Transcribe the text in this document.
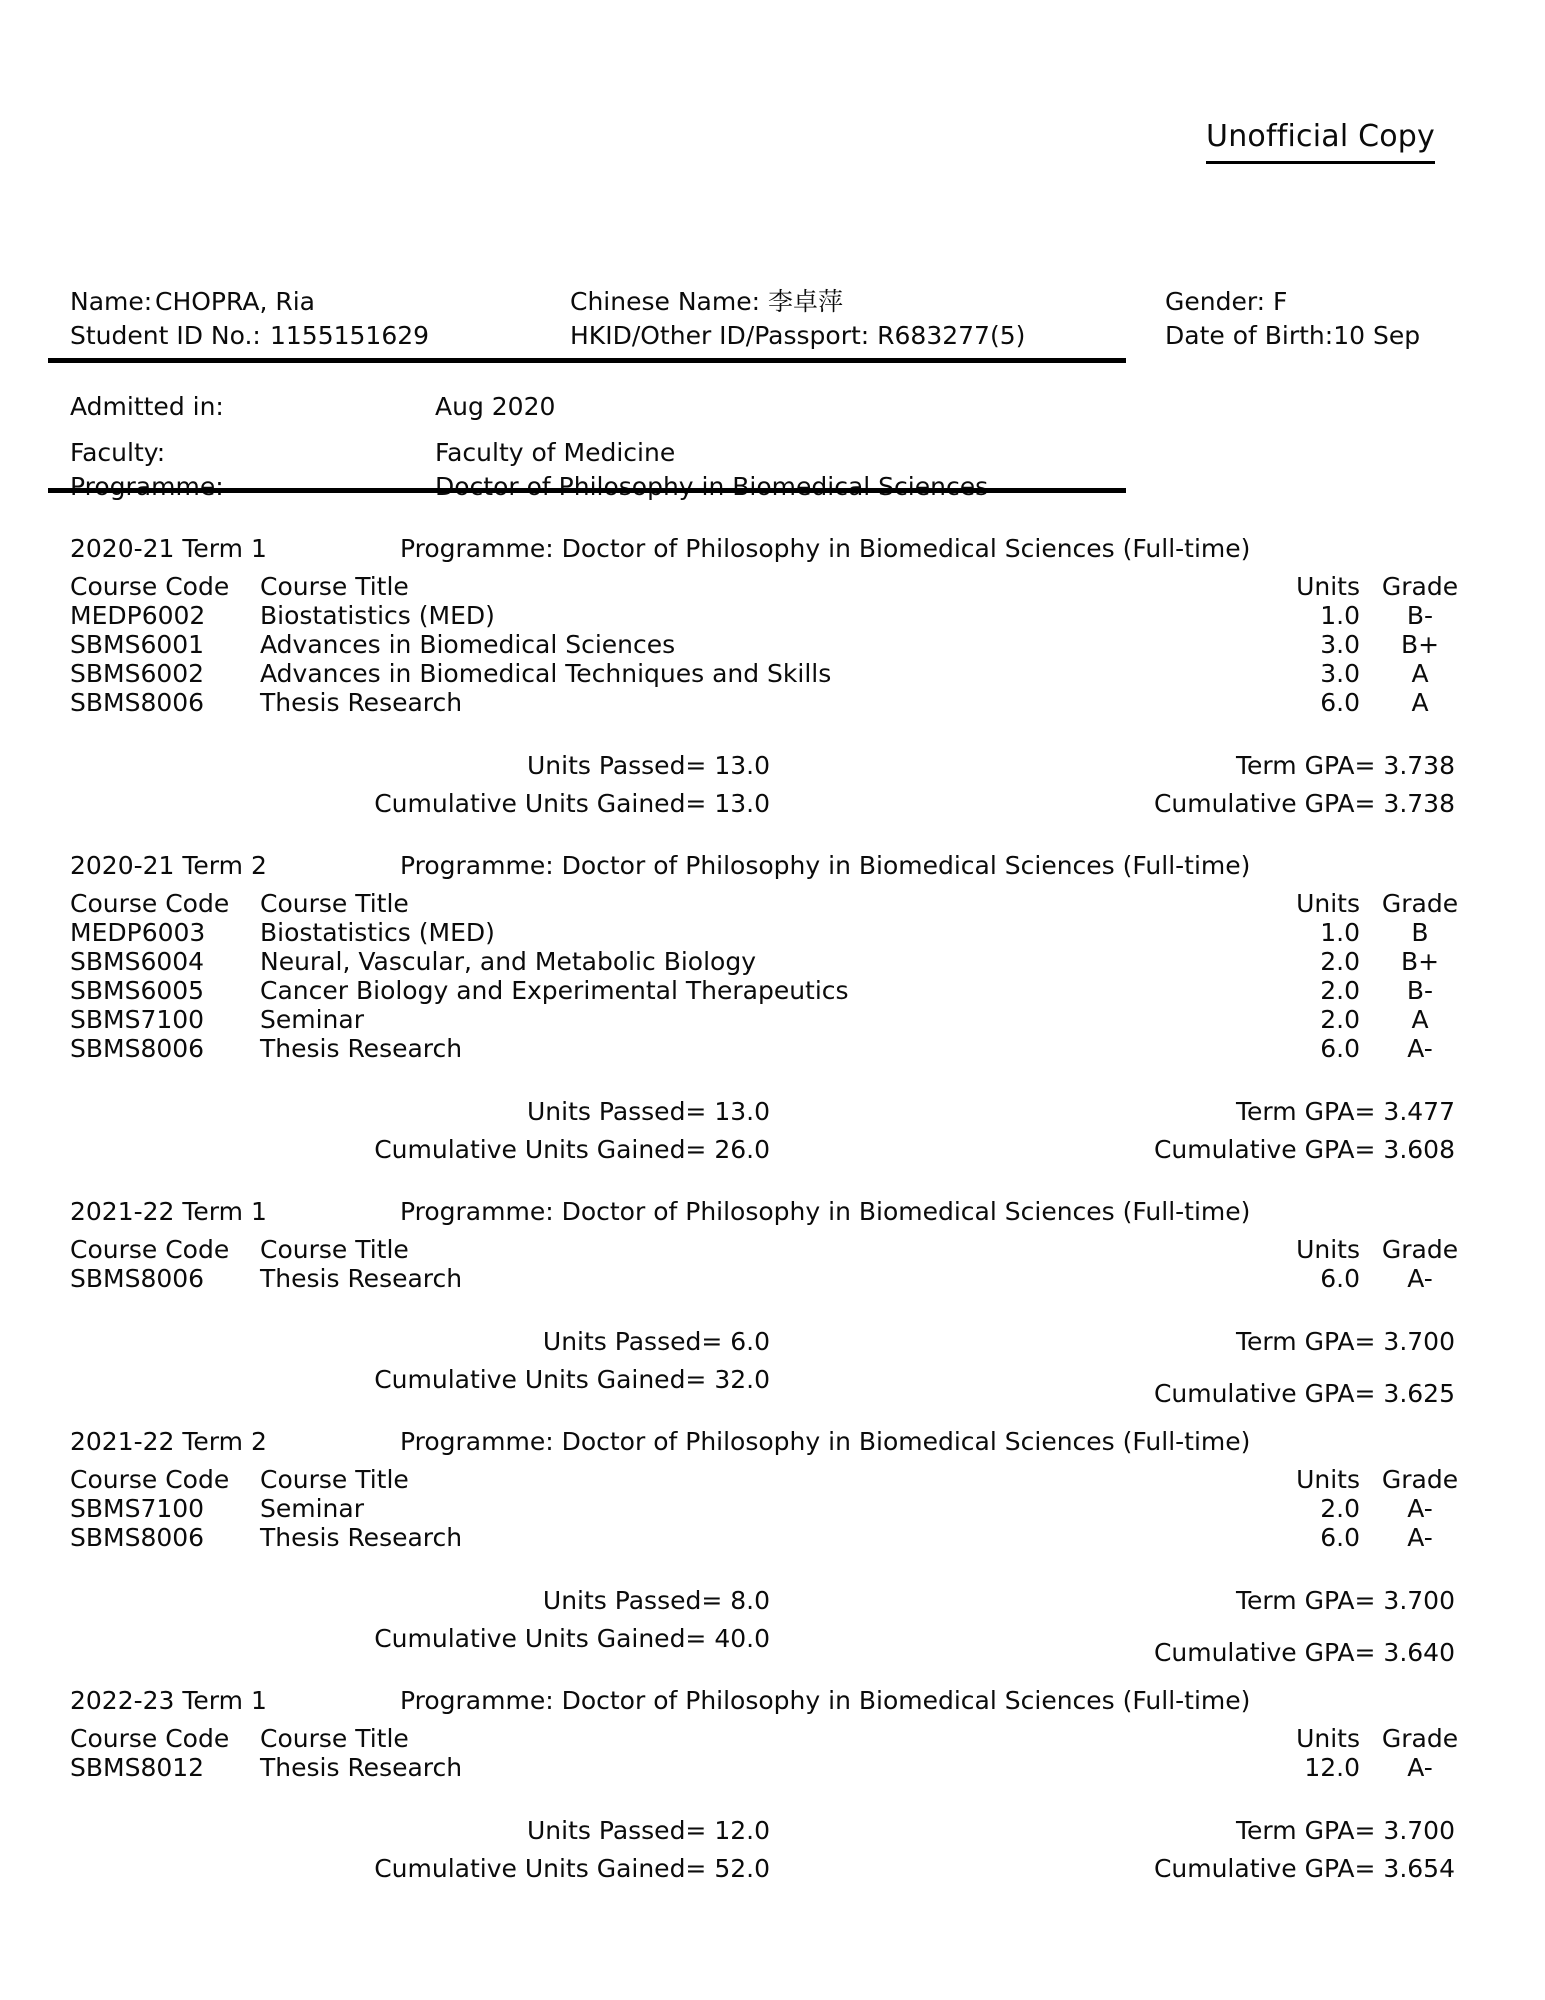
Unofficial Copy
Name: CHOPRA, Ria	Chinese Name: 李卓萍	Gender: F
Student ID No.: 1155151629	HKID/Other ID/Passport: R683277(5)	Date of Birth:10 Sep
Admitted in:	Aug 2020
Faculty:	Faculty of Medicine
Programme:	Doctor of Philosophy in Biomedical Sciences
2020-21 Term 1	Programme: Doctor of Philosophy in Biomedical Sciences (Full-time)
Course Code	Course Title	Units	Grade
MEDP6002	Biostatistics (MED)	1.0	B-
SBMS6001	Advances in Biomedical Sciences	3.0	B+
SBMS6002	Advances in Biomedical Techniques and Skills	3.0	A
SBMS8006	Thesis Research	6.0	A
Units Passed= 13.0	Term GPA= 3.738
Cumulative Units Gained= 13.0	Cumulative GPA= 3.738
2020-21 Term 2	Programme: Doctor of Philosophy in Biomedical Sciences (Full-time)
Course Code	Course Title	Units	Grade
MEDP6003	Biostatistics (MED)	1.0	B
SBMS6004	Neural, Vascular, and Metabolic Biology	2.0	B+
SBMS6005	Cancer Biology and Experimental Therapeutics	2.0	B-
SBMS7100	Seminar	2.0	A
SBMS8006	Thesis Research	6.0	A-
Units Passed= 13.0	Term GPA= 3.477
Cumulative Units Gained= 26.0	Cumulative GPA= 3.608
2021-22 Term 1	Programme: Doctor of Philosophy in Biomedical Sciences (Full-time)
Course Code	Course Title	Units	Grade
SBMS8006	Thesis Research	6.0	A-
Units Passed= 6.0	Term GPA= 3.700
Cumulative Units Gained= 32.0	Cumulative GPA= 3.625
2021-22 Term 2	Programme: Doctor of Philosophy in Biomedical Sciences (Full-time)
Course Code	Course Title	Units	Grade
SBMS7100	Seminar	2.0	A-
SBMS8006	Thesis Research	6.0	A-
Units Passed= 8.0	Term GPA= 3.700
Cumulative Units Gained= 40.0	Cumulative GPA= 3.640
2022-23 Term 1	Programme: Doctor of Philosophy in Biomedical Sciences (Full-time)
Course Code	Course Title	Units	Grade
SBMS8012	Thesis Research	12.0	A-
Units Passed= 12.0	Term GPA= 3.700
Cumulative Units Gained= 52.0	Cumulative GPA= 3.654
